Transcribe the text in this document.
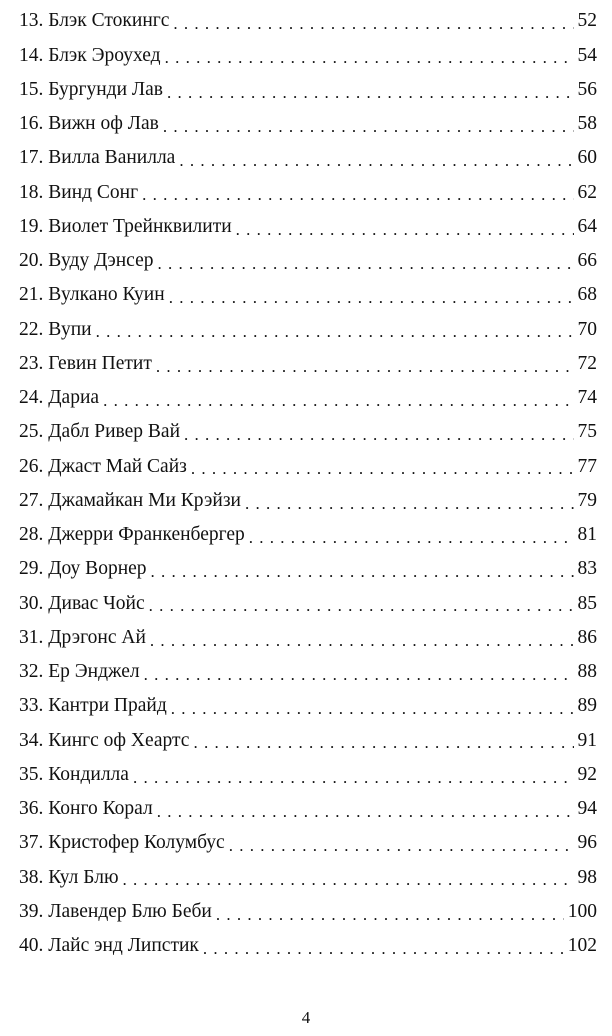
13. Блэк Стокингс . . .	52
14. Блэк Эроухед . . .	54
15. Бургунди Лав . . .	56
16. Вижн оф Лав . . .	58
17. Вилла Ванилла . . .	60
18. Винд Сонг . . .	62
19. Виолет Трейнквилити . . .	64
20. Вуду Дэнсер . . .	66
21. Вулкано Куин . . .	68
22. Вупи . . .	70
23. Гевин Петит . . .	72
24. Дариа . . .	74
25. Дабл Ривер Вай . . .	75
26. Джаст Май Сайз . . .	77
27. Джамайкан Ми Крэйзи . . .	79
28. Джерри Франкенбергер . . .	81
29. Доу Ворнер . . .	83
30. Дивас Чойс . . .	85
31. Дрэгонс Ай . . .	86
32. Ер Энджел . . .	88
33. Кантри Прайд . . .	89
34. Кингс оф Хеартс . . .	91
35. Кондилла . . .	92
36. Конго Корал . . .	94
37. Кристофер Колумбус . . .	96
38. Кул Блю . . .	98
39. Лавендер Блю Беби . . .	100
40. Лайс энд Липстик . . .	102
4
